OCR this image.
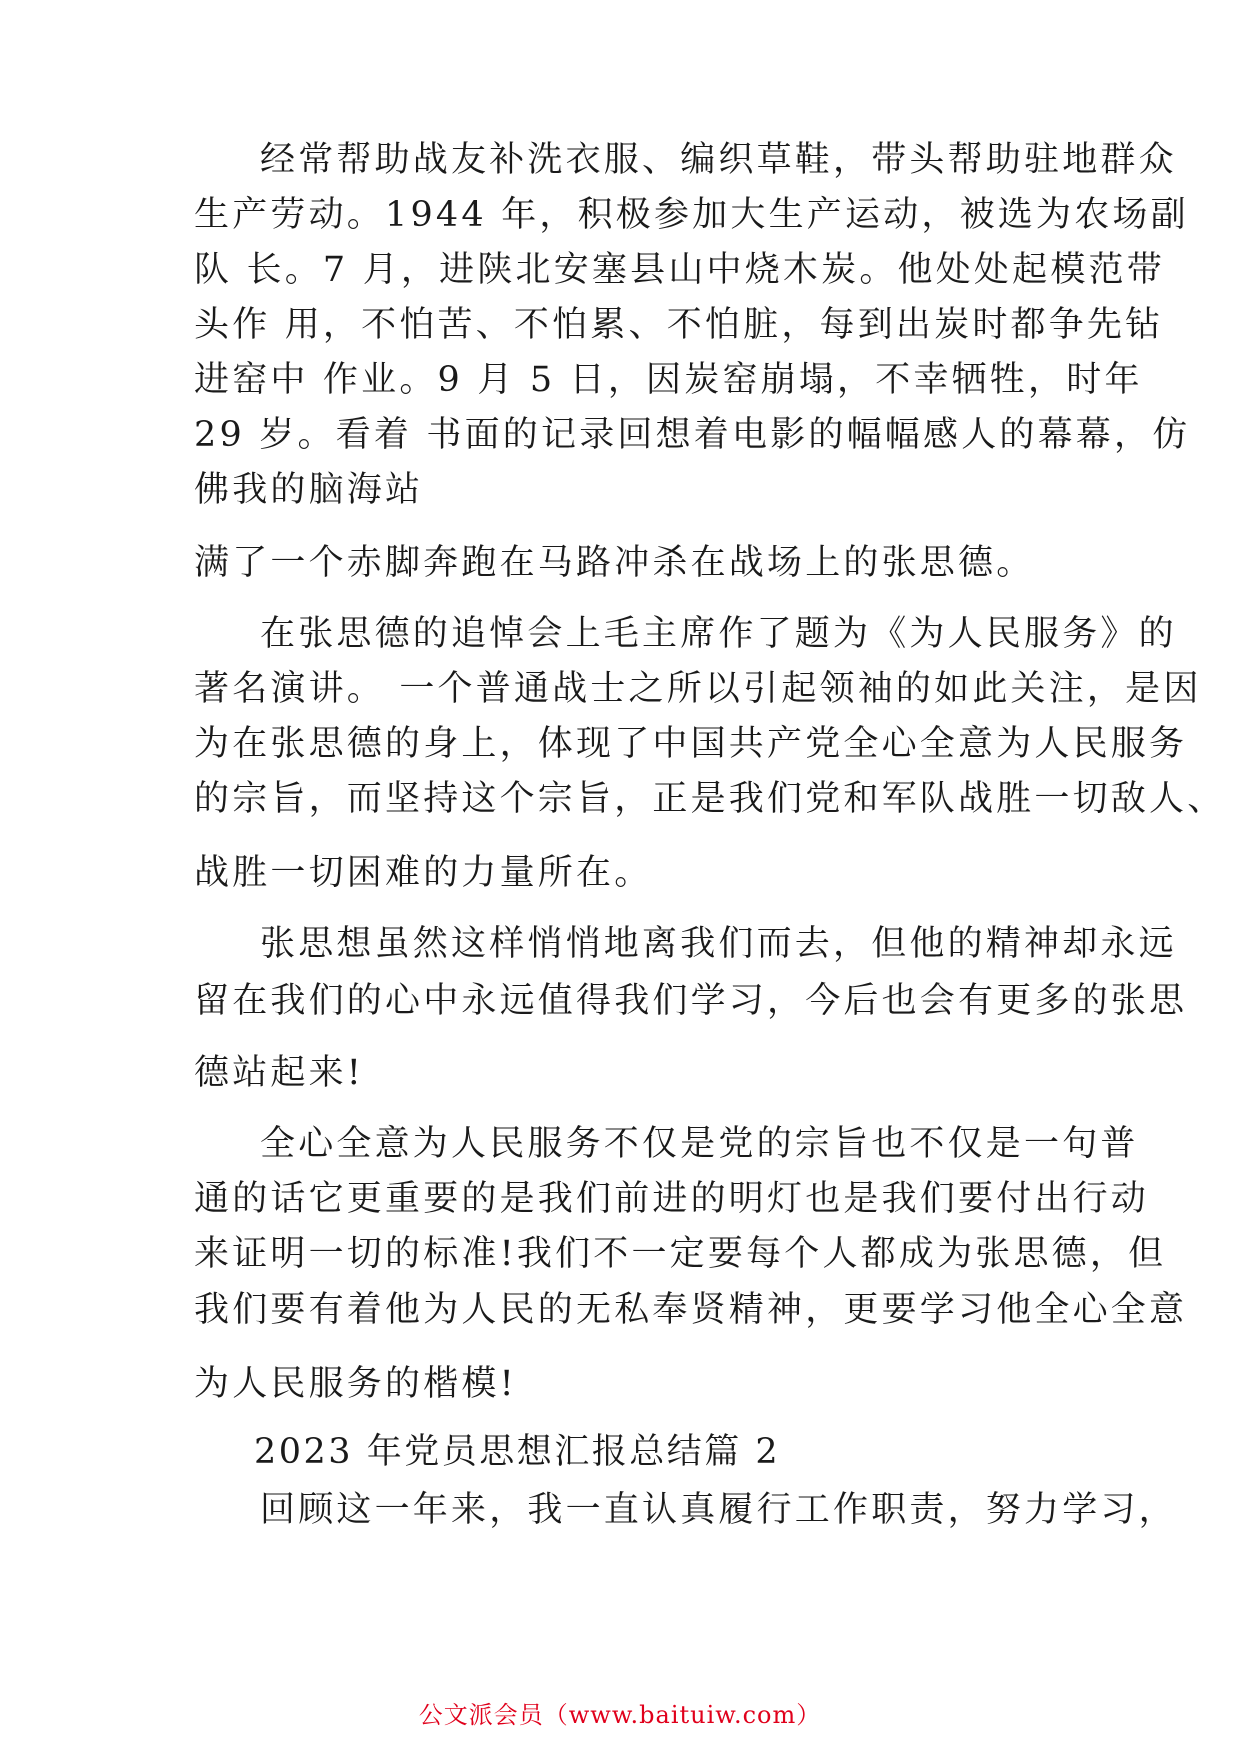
经常帮助战友补洗衣服、编织草鞋，带头帮助驻地群众
生产劳动。1944 年，积极参加大生产运动，被选为农场副
队 长。7 月，进陕北安塞县山中烧木炭。他处处起模范带
头作 用，不怕苦、不怕累、不怕脏，每到出炭时都争先钻
进窑中 作业。9 月 5 日，因炭窑崩塌，不幸牺牲，时年
29 岁。看着 书面的记录回想着电影的幅幅感人的幕幕，仿
佛我的脑海站
满了一个赤脚奔跑在马路冲杀在战场上的张思德。
在张思德的追悼会上毛主席作了题为《为人民服务》的
著名演讲。 一个普通战士之所以引起领袖的如此关注，是因
为在张思德的身上，体现了中国共产党全心全意为人民服务
的宗旨，而坚持这个宗旨，正是我们党和军队战胜一切敌人、
战胜一切困难的力量所在。
张思想虽然这样悄悄地离我们而去，但他的精神却永远
留在我们的心中永远值得我们学习，今后也会有更多的张思
德站起来!
全心全意为人民服务不仅是党的宗旨也不仅是一句普
通的话它更重要的是我们前进的明灯也是我们要付出行动
来证明一切的标准!我们不一定要每个人都成为张思德，但
我们要有着他为人民的无私奉贤精神，更要学习他全心全意
为人民服务的楷模!
2023 年党员思想汇报总结篇 2
回顾这一年来，我一直认真履行工作职责，努力学习，
公文派会员（www.baituiw.com）
